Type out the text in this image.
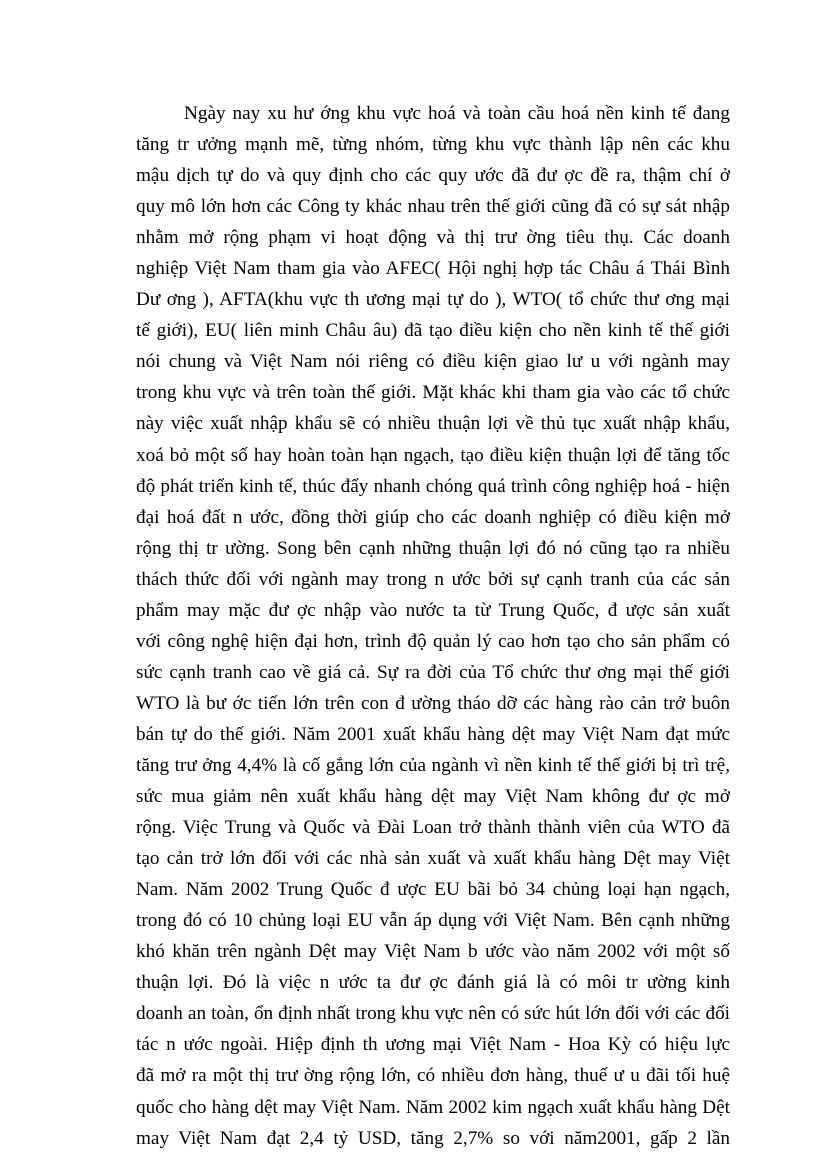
Ngày nay xu hư ớng khu vực hoá và toàn cầu hoá nền kinh tế đang
tăng tr ưởng mạnh mẽ, từng nhóm, từng khu vực thành lập nên các khu
mậu dịch tự do và quy định cho các quy ước đã đư ợc đề ra, thậm chí ở
quy mô lớn hơn các Công ty khác nhau trên thế giới cũng đã có sự sát nhập
nhằm mở rộng phạm vi hoạt động và thị trư ờng tiêu thụ. Các doanh
nghiệp Việt Nam tham gia vào AFEC( Hội nghị hợp tác Châu á Thái Bình
Dư ơng ), AFTA(khu vực th ương mại tự do ), WTO( tổ chức thư ơng mại
tế giới), EU( liên minh Châu âu) đã tạo điều kiện cho nền kinh tế thế giới
nói chung và Việt Nam nói riêng có điều kiện giao lư u với ngành may
trong khu vực và trên toàn thế giới. Mặt khác khi tham gia vào các tổ chức
này việc xuất nhập khẩu sẽ có nhiều thuận lợi về thủ tục xuất nhập khẩu,
xoá bỏ một số hay hoàn toàn hạn ngạch, tạo điều kiện thuận lợi để tăng tốc
độ phát triển kinh tế, thúc đẩy nhanh chóng quá trình công nghiệp hoá - hiện
đại hoá đất n ước, đồng thời giúp cho các doanh nghiệp có điều kiện mở
rộng thị tr ường. Song bên cạnh những thuận lợi đó nó cũng tạo ra nhiều
thách thức đối với ngành may trong n ước bởi sự cạnh tranh của các sản
phẩm may mặc đư ợc nhập vào nước ta từ Trung Quốc, đ ược sản xuất
với công nghệ hiện đại hơn, trình độ quản lý cao hơn tạo cho sản phẩm có
sức cạnh tranh cao về giá cả. Sự ra đời của Tổ chức thư ơng mại thế giới
WTO là bư ớc tiến lớn trên con đ ường tháo dỡ các hàng rào cản trở buôn
bán tự do thế giới. Năm 2001 xuất khẩu hàng dệt may Việt Nam đạt mức
tăng trư ởng 4,4% là cố gắng lớn của ngành vì nền kinh tế thế giới bị trì trệ,
sức mua giảm nên xuất khẩu hàng dệt may Việt Nam không đư ợc mở
rộng. Việc Trung và Quốc và Đài Loan trở thành thành viên của WTO đã
tạo cản trở lớn đối với các nhà sản xuất và xuất khẩu hàng Dệt may Việt
Nam. Năm 2002 Trung Quốc đ ược EU bãi bỏ 34 chủng loại hạn ngạch,
trong đó có 10 chủng loại EU vẫn áp dụng với Việt Nam. Bên cạnh những
khó khăn trên ngành Dệt may Việt Nam b ước vào năm 2002 với một số
thuận lợi. Đó là việc n ước ta đư ợc đánh giá là có môi tr ường kinh
doanh an toàn, ổn định nhất trong khu vực nên có sức hút lớn đối với các đối
tác n ước ngoài. Hiệp định th ương mại Việt Nam - Hoa Kỳ có hiệu lực
đã mở ra một thị trư ờng rộng lớn, có nhiều đơn hàng, thuế ư u đãi tối huệ
quốc cho hàng dệt may Việt Nam. Năm 2002 kim ngạch xuất khẩu hàng Dệt
may Việt Nam đạt 2,4 tỷ USD, tăng 2,7% so với năm2001, gấp 2 lần
